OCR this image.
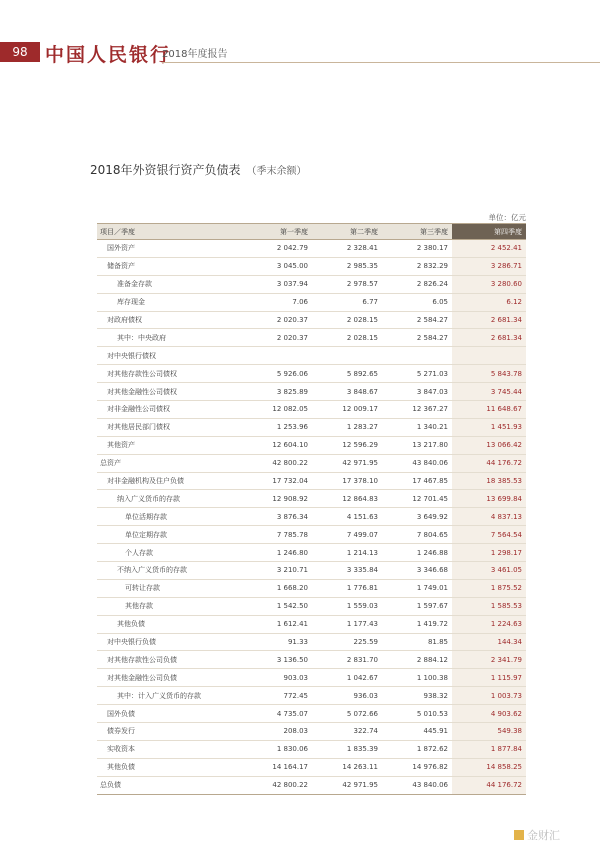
98 中国人民银行
2018年度报告
2018年外资银行资产负债表 （季末余额）
单位：亿元
项目／季度	第一季度	第二季度	第三季度	第四季度
国外资产	2 042.79	2 328.41	2 380.17	2 452.41
储备资产	3 045.00	2 985.35	2 832.29	3 286.71
准备金存款	3 037.94	2 978.57	2 826.24	3 280.60
库存现金	7.06	6.77	6.05	6.12
对政府债权	2 020.37	2 028.15	2 584.27	2 681.34
其中：中央政府	2 020.37	2 028.15	2 584.27	2 681.34
对中央银行债权				
对其他存款性公司债权	5 926.06	5 892.65	5 271.03	5 843.78
对其他金融性公司债权	3 825.89	3 848.67	3 847.03	3 745.44
对非金融性公司债权	12 082.05	12 009.17	12 367.27	11 648.67
对其他居民部门债权	1 253.96	1 283.27	1 340.21	1 451.93
其他资产	12 604.10	12 596.29	13 217.80	13 066.42
总资产	42 800.22	42 971.95	43 840.06	44 176.72
对非金融机构及住户负债	17 732.04	17 378.10	17 467.85	18 385.53
纳入广义货币的存款	12 908.92	12 864.83	12 701.45	13 699.84
单位活期存款	3 876.34	4 151.63	3 649.92	4 837.13
单位定期存款	7 785.78	7 499.07	7 804.65	7 564.54
个人存款	1 246.80	1 214.13	1 246.88	1 298.17
不纳入广义货币的存款	3 210.71	3 335.84	3 346.68	3 461.05
可转让存款	1 668.20	1 776.81	1 749.01	1 875.52
其他存款	1 542.50	1 559.03	1 597.67	1 585.53
其他负债	1 612.41	1 177.43	1 419.72	1 224.63
对中央银行负债	91.33	225.59	81.85	144.34
对其他存款性公司负债	3 136.50	2 831.70	2 884.12	2 341.79
对其他金融性公司负债	903.03	1 042.67	1 100.38	1 115.97
其中：计入广义货币的存款	772.45	936.03	938.32	1 003.73
国外负债	4 735.07	5 072.66	5 010.53	4 903.62
债券发行	208.03	322.74	445.91	549.38
实收资本	1 830.06	1 835.39	1 872.62	1 877.84
其他负债	14 164.17	14 263.11	14 976.82	14 858.25
总负债	42 800.22	42 971.95	43 840.06	44 176.72
金财汇
